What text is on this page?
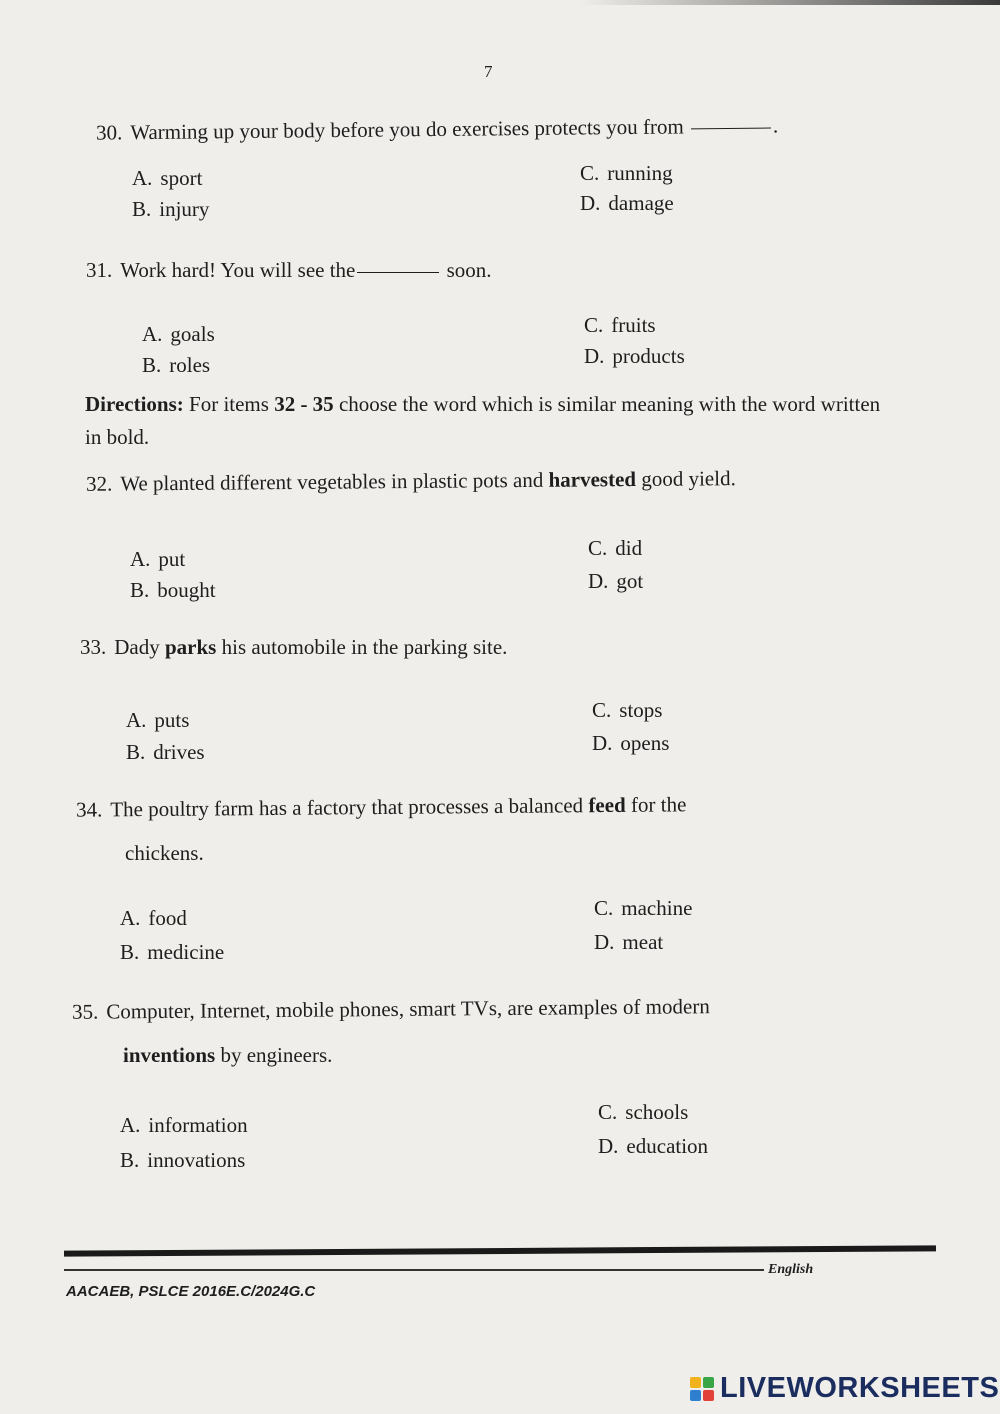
7
30. Warming up your body before you do exercises protects you from	.
A. sport
B. injury
C. running
D. damage
31. Work hard! You will see the	soon.
A. goals
B. roles
C. fruits
D. products
Directions: For items 32 - 35 choose the word which is similar meaning with the word written in bold.
32. We planted different vegetables in plastic pots and harvested good yield.
A. put
B. bought
C. did
D. got
33. Dady parks his automobile in the parking site.
A. puts
B. drives
C. stops
D. opens
34. The poultry farm has a factory that processes a balanced feed for the
chickens.
A. food
B. medicine
C. machine
D. meat
35. Computer, Internet, mobile phones, smart TVs, are examples of modern
inventions by engineers.
A. information
B. innovations
C. schools
D. education
AACAEB, PSLCE 2016E.C/2024G.C
English
LIVEWORKSHEETS
